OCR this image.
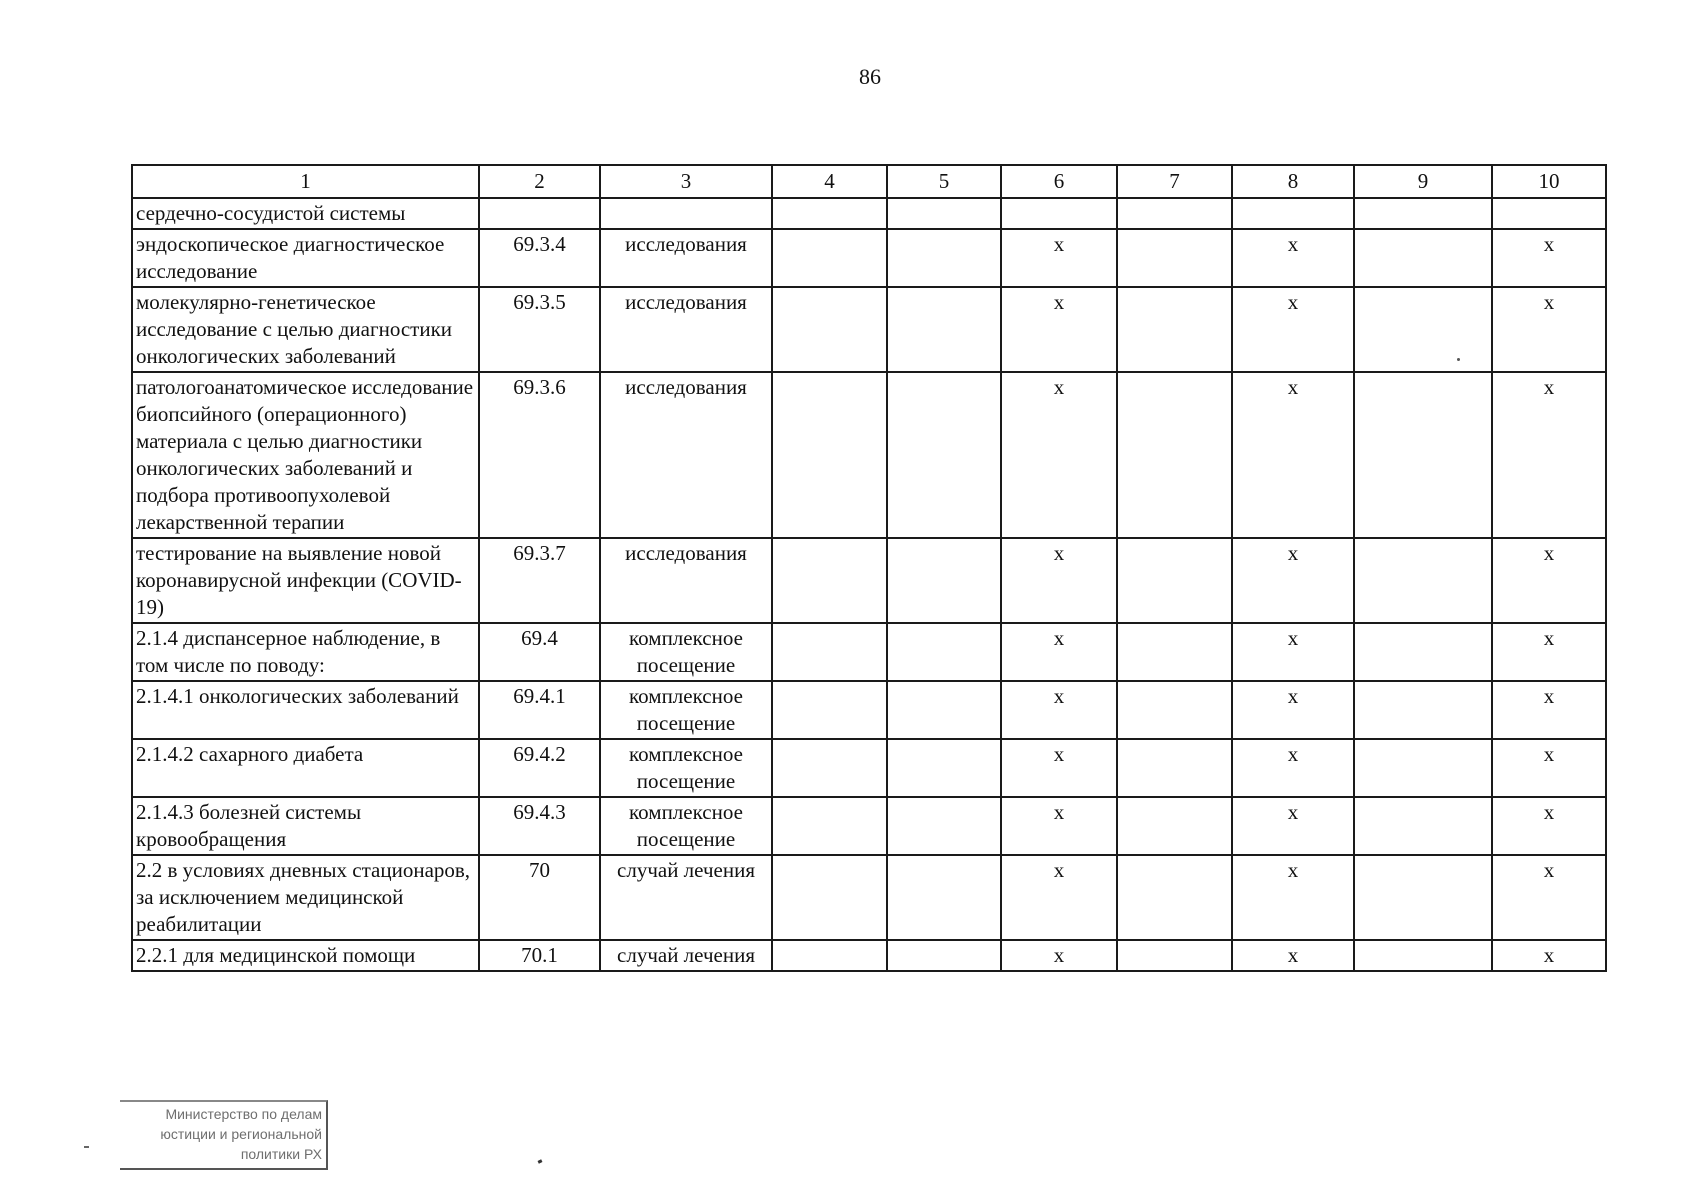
86
1	2	3	4	5	6	7	8	9	10
сердечно-сосудистой системы									
эндоскопическое диагностическое исследование	69.3.4	исследования			х		х		х
молекулярно-генетическое исследование с целью диагностики онкологических заболеваний	69.3.5	исследования			х		х		х
патологоанатомическое исследование биопсийного (операционного) материала с целью диагностики онкологических заболеваний и подбора противоопухолевой лекарственной терапии	69.3.6	исследования			х		х		х
тестирование на выявление новой коронавирусной инфекции (COVID-19)	69.3.7	исследования			х		х		х
2.1.4 диспансерное наблюдение, в том числе по поводу:	69.4	комплексное посещение			х		х		х
2.1.4.1 онкологических заболеваний	69.4.1	комплексное посещение			х		х		х
2.1.4.2 сахарного диабета	69.4.2	комплексное посещение			х		х		х
2.1.4.3 болезней системы кровообращения	69.4.3	комплексное посещение			х		х		х
2.2 в условиях дневных стационаров, за исключением медицинской реабилитации	70	случай лечения			х		х		х
2.2.1 для медицинской помощи	70.1	случай лечения			х		х		х
Министерство по делам
юстиции и региональной
политики РХ
